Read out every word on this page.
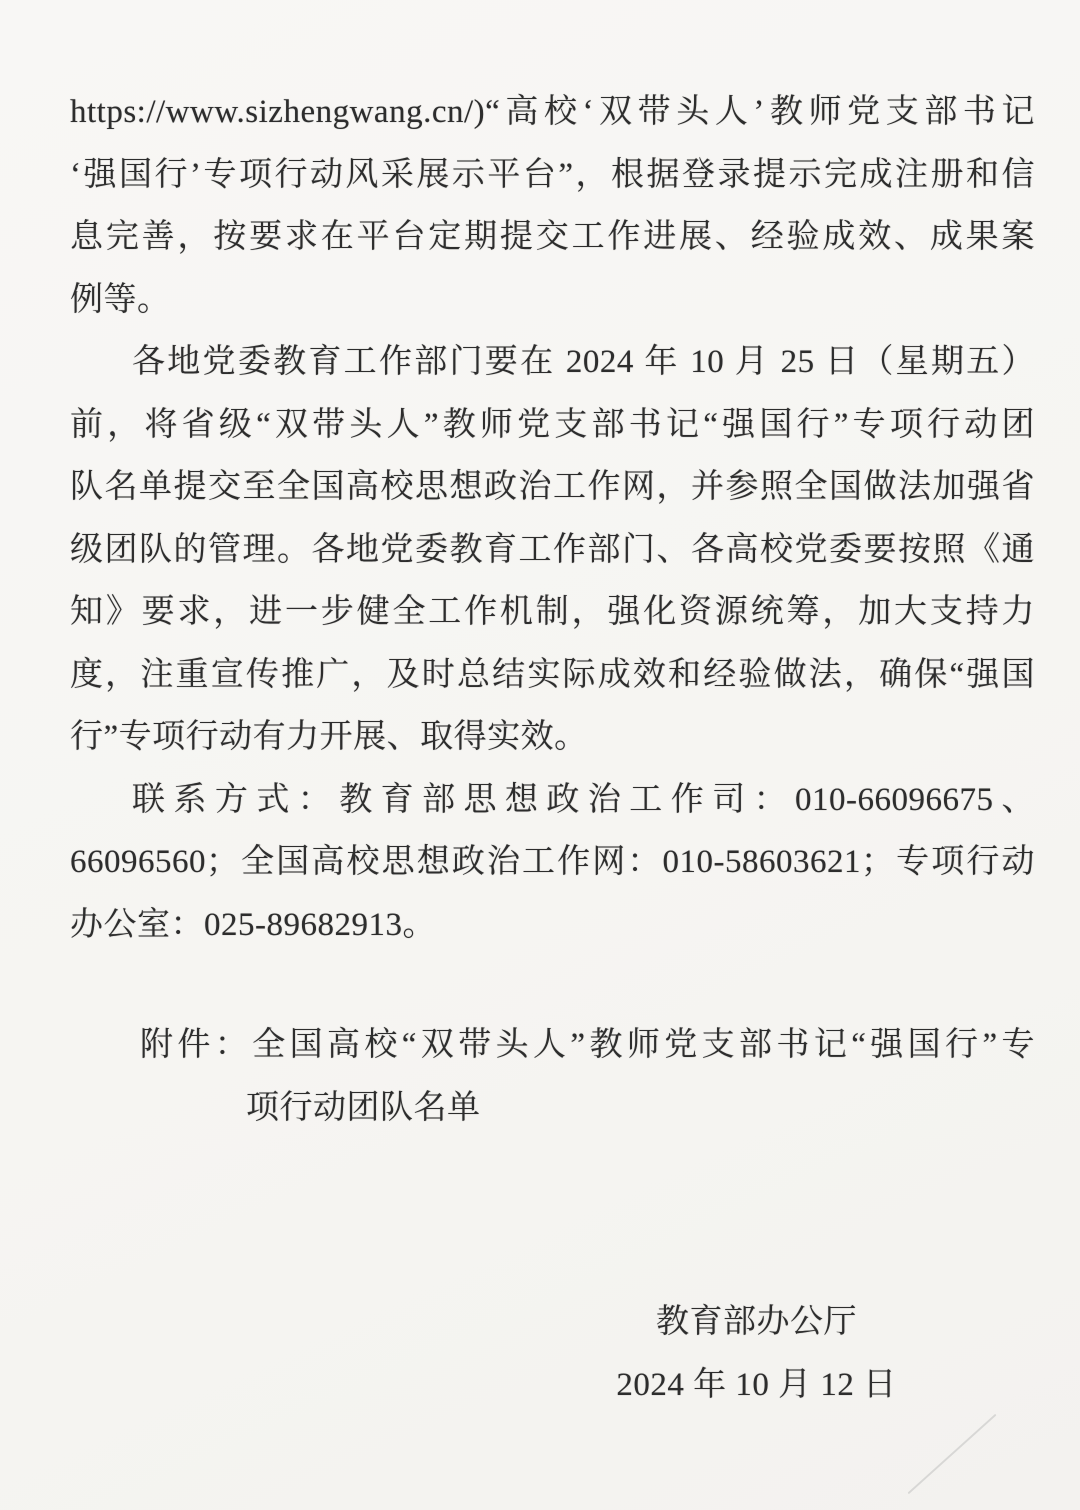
https://www.sizhengwang.cn/)“高校‘双带头人’教师党支部书记
‘强国行’专项行动风采展示平台”，根据登录提示完成注册和信
息完善，按要求在平台定期提交工作进展、经验成效、成果案
例等。
各地党委教育工作部门要在 2024 年 10 月 25 日（星期五）
前，将省级“双带头人”教师党支部书记“强国行”专项行动团
队名单提交至全国高校思想政治工作网，并参照全国做法加强省
级团队的管理。各地党委教育工作部门、各高校党委要按照《通
知》要求，进一步健全工作机制，强化资源统筹，加大支持力
度，注重宣传推广，及时总结实际成效和经验做法，确保“强国
行”专项行动有力开展、取得实效。
联系方式：教育部思想政治工作司：010-66096675、
66096560；全国高校思想政治工作网：010-58603621；专项行动
办公室：025-89682913。
附件：全国高校“双带头人”教师党支部书记“强国行”专
项行动团队名单
教育部办公厅
2024 年 10 月 12 日
